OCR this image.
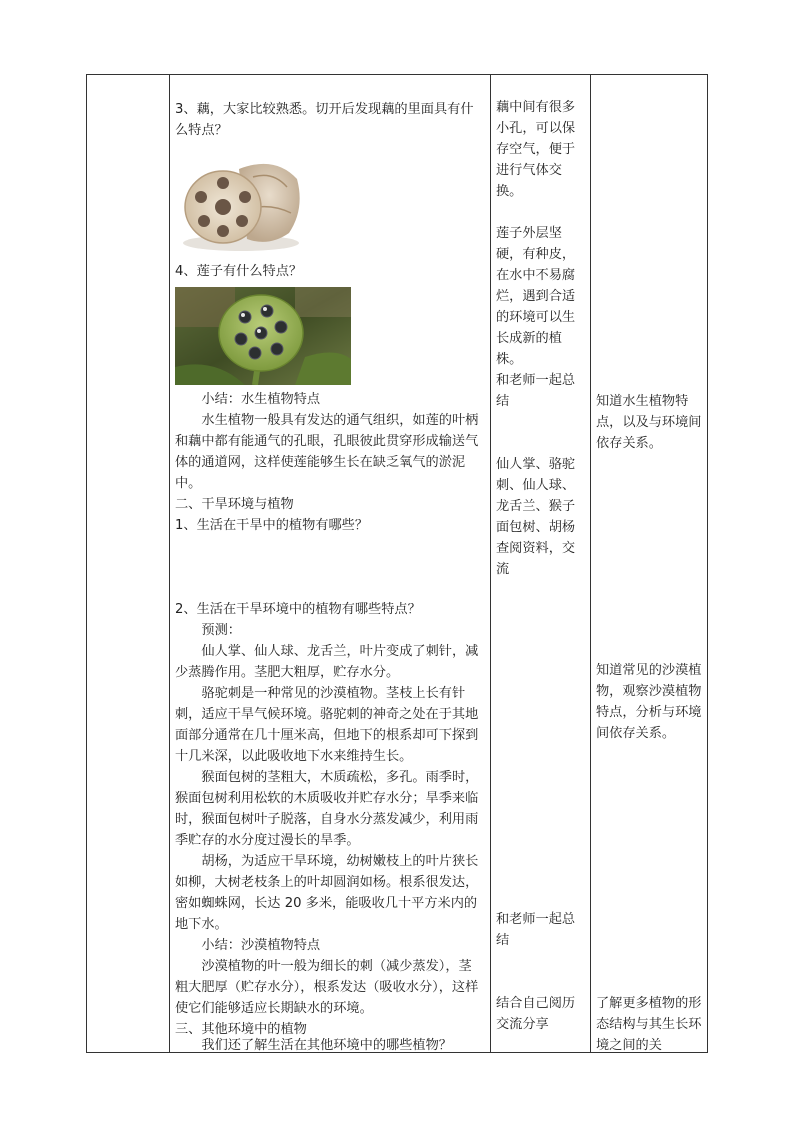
3、藕，大家比较熟悉。切开后发现藕的里面具有什么特点？
4、莲子有什么特点？
小结：水生植物特点
水生植物一般具有发达的通气组织，如莲的叶柄和藕中都有能通气的孔眼，孔眼彼此贯穿形成输送气体的通道网，这样使莲能够生长在缺乏氧气的淤泥中。
二、干旱环境与植物
1、生活在干旱中的植物有哪些？
2、生活在干旱环境中的植物有哪些特点？
预测：
仙人掌、仙人球、龙舌兰，叶片变成了刺针，减少蒸腾作用。茎肥大粗厚，贮存水分。
骆驼刺是一种常见的沙漠植物。茎枝上长有针刺，适应干旱气候环境。骆驼刺的神奇之处在于其地面部分通常在几十厘米高，但地下的根系却可下探到十几米深，以此吸收地下水来维持生长。
猴面包树的茎粗大，木质疏松，多孔。雨季时，猴面包树利用松软的木质吸收并贮存水分；旱季来临时，猴面包树叶子脱落，自身水分蒸发减少，利用雨季贮存的水分度过漫长的旱季。
胡杨，为适应干旱环境，幼树嫩枝上的叶片狭长如柳，大树老枝条上的叶却圆润如杨。根系很发达，密如蜘蛛网，长达 20 多米，能吸收几十平方米内的地下水。
小结：沙漠植物特点
沙漠植物的叶一般为细长的刺（减少蒸发），茎粗大肥厚（贮存水分），根系发达（吸收水分），这样使它们能够适应长期缺水的环境。
三、其他环境中的植物
我们还了解生活在其他环境中的哪些植物？
藕中间有很多小孔，可以保存空气，便于进行气体交换。
莲子外层坚硬，有种皮，在水中不易腐烂，遇到合适的环境可以生长成新的植株。
和老师一起总结
仙人掌、骆驼刺、仙人球、龙舌兰、猴子面包树、胡杨查阅资料，交流
和老师一起总结
结合自己阅历交流分享
知道水生植物特点，以及与环境间依存关系。
知道常见的沙漠植物，观察沙漠植物特点，分析与环境间依存关系。
了解更多植物的形态结构与其生长环境之间的关
